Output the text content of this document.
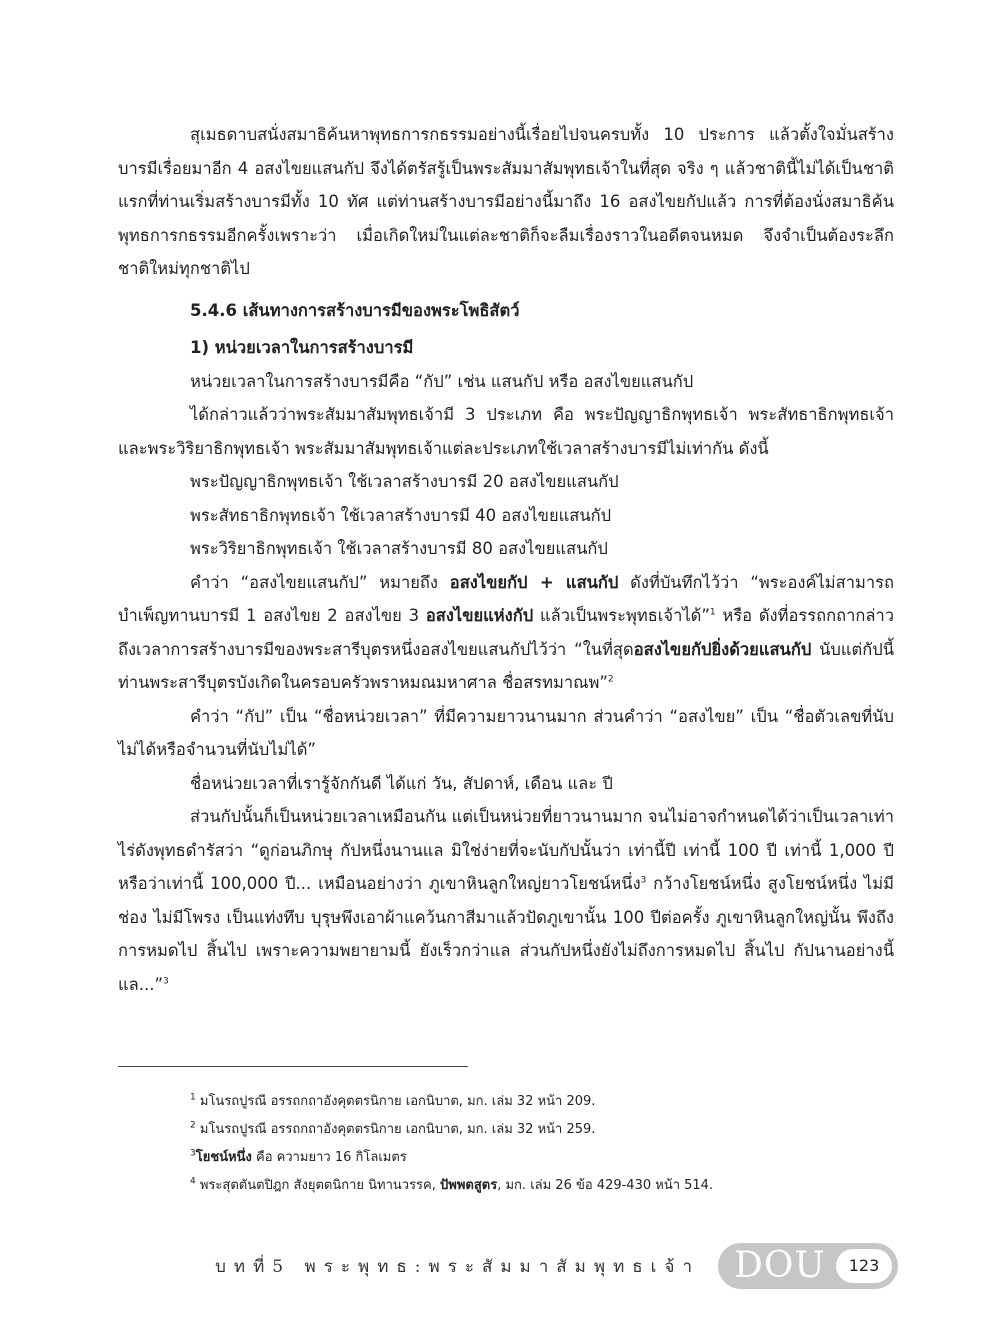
สุเมธดาบสนั่งสมาธิค้นหาพุทธการกธรรมอย่างนี้เรื่อยไปจนครบทั้ง 10 ประการ แล้วตั้งใจมั่นสร้างบารมีเรื่อยมาอีก 4 อสงไขยแสนกัป จึงได้ตรัสรู้เป็นพระสัมมาสัมพุทธเจ้าในที่สุด จริง ๆ แล้วชาตินี้ไม่ได้เป็นชาติแรกที่ท่านเริ่มสร้างบารมีทั้ง 10 ทัศ แต่ท่านสร้างบารมีอย่างนี้มาถึง 16 อสงไขยกัปแล้ว การที่ต้องนั่งสมาธิค้นพุทธการกธรรมอีกครั้งเพราะว่า เมื่อเกิดใหม่ในแต่ละชาติก็จะลืมเรื่องราวในอดีตจนหมด จึงจำเป็นต้องระลึกชาติใหม่ทุกชาติไป

5.4.6 เส้นทางการสร้างบารมีของพระโพธิสัตว์

1) หน่วยเวลาในการสร้างบารมี

หน่วยเวลาในการสร้างบารมีคือ “กัป” เช่น แสนกัป หรือ อสงไขยแสนกัป

ได้กล่าวแล้วว่าพระสัมมาสัมพุทธเจ้ามี 3 ประเภท คือ พระปัญญาธิกพุทธเจ้า พระสัทธาธิกพุทธเจ้า และพระวิริยาธิกพุทธเจ้า พระสัมมาสัมพุทธเจ้าแต่ละประเภทใช้เวลาสร้างบารมีไม่เท่ากัน ดังนี้

พระปัญญาธิกพุทธเจ้า ใช้เวลาสร้างบารมี 20 อสงไขยแสนกัป

พระสัทธาธิกพุทธเจ้า ใช้เวลาสร้างบารมี 40 อสงไขยแสนกัป

พระวิริยาธิกพุทธเจ้า ใช้เวลาสร้างบารมี 80 อสงไขยแสนกัป

คำว่า “อสงไขยแสนกัป” หมายถึง อสงไขยกัป + แสนกัป ดังที่บันทึกไว้ว่า “พระองค์ไม่สามารถบำเพ็ญทานบารมี 1 อสงไขย 2 อสงไขย 3 อสงไขยแห่งกัป แล้วเป็นพระพุทธเจ้าได้”$^1$ หรือ ดังที่อรรถกถากล่าวถึงเวลาการสร้างบารมีของพระสารีบุตรหนึ่งอสงไขยแสนกัปไว้ว่า “ในที่สุดอสงไขยกัปยิ่งด้วยแสนกัป นับแต่กัปนี้ ท่านพระสารีบุตรบังเกิดในครอบครัวพราหมณมหาศาล ชื่อสรทมาณพ”$^2$

คำว่า “กัป” เป็น “ชื่อหน่วยเวลา” ที่มีความยาวนานมาก ส่วนคำว่า “อสงไขย” เป็น “ชื่อตัวเลขที่นับไม่ได้หรือจำนวนที่นับไม่ได้”

ชื่อหน่วยเวลาที่เรารู้จักกันดี ได้แก่ วัน, สัปดาห์, เดือน และ ปี

ส่วนกัปนั้นก็เป็นหน่วยเวลาเหมือนกัน แต่เป็นหน่วยที่ยาวนานมาก จนไม่อาจกำหนดได้ว่าเป็นเวลาเท่าไร่ดังพุทธดำรัสว่า “ดูก่อนภิกษุ กัปหนึ่งนานแล มิใช่ง่ายที่จะนับกัปนั้นว่า เท่านี้ปี เท่านี้ 100 ปี เท่านี้ 1,000 ปี หรือว่าเท่านี้ 100,000 ปี... เหมือนอย่างว่า ภูเขาหินลูกใหญ่ยาวโยชน์หนึ่ง$^3$ กว้างโยชน์หนึ่ง สูงโยชน์หนึ่ง ไม่มีช่อง ไม่มีโพรง เป็นแท่งทึบ บุรุษพึงเอาผ้าแคว้นกาสีมาแล้วปัดภูเขานั้น 100 ปีต่อครั้ง ภูเขาหินลูกใหญ่นั้น พึงถึงการหมดไป สิ้นไป เพราะความพยายามนี้ ยังเร็วกว่าแล ส่วนกัปหนึ่งยังไม่ถึงการหมดไป สิ้นไป กัปนานอย่างนี้แล...”$^3$

$^1$ มโนรถปูรณี อรรถกถาอังคุตตรนิกาย เอกนิบาต, มก. เล่ม 32 หน้า 209.

$^2$ มโนรถปูรณี อรรถกถาอังคุตตรนิกาย เอกนิบาต, มก. เล่ม 32 หน้า 259.

$^3$โยชน์หนึ่ง คือ ความยาว 16 กิโลเมตร

$^4$ พระสุตตันตปิฎก สังยุตตนิกาย นิทานวรรค, ปัพพตสูตร, มก. เล่ม 26 ข้อ 429-430 หน้า 514.

บทที่5 พระพุทธ:พระสัมมาสัมพุทธเจ้า DOU	123
